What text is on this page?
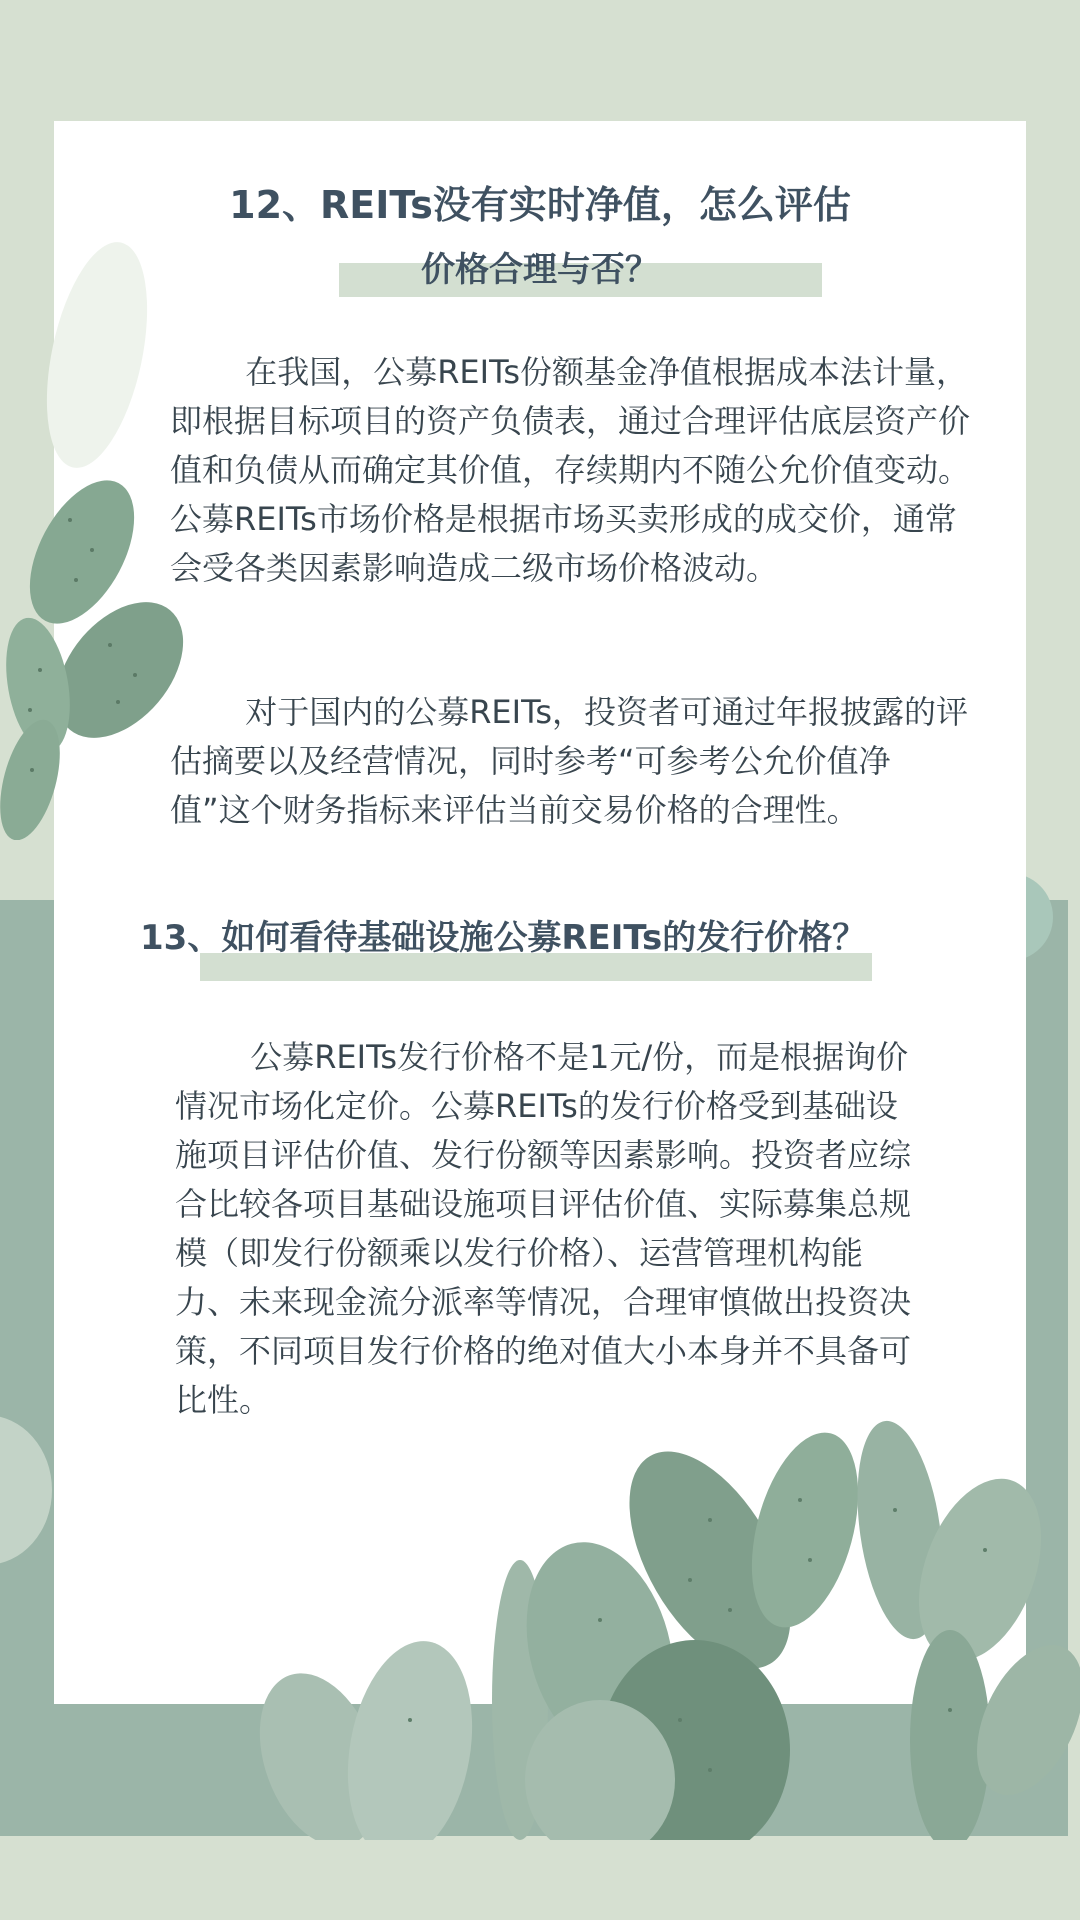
12、REITs没有实时净值，怎么评估
价格合理与否？

在我国，公募REITs份额基金净值根据成本法计量，即根据目标项目的资产负债表，通过合理评估底层资产价值和负债从而确定其价值，存续期内不随公允价值变动。公募REITs市场价格是根据市场买卖形成的成交价，通常会受各类因素影响造成二级市场价格波动。

对于国内的公募REITs，投资者可通过年报披露的评估摘要以及经营情况，同时参考“可参考公允价值净值”这个财务指标来评估当前交易价格的合理性。

13、如何看待基础设施公募REITs的发行价格？

公募REITs发行价格不是1元/份，而是根据询价情况市场化定价。公募REITs的发行价格受到基础设施项目评估价值、发行份额等因素影响。投资者应综合比较各项目基础设施项目评估价值、实际募集总规模（即发行份额乘以发行价格）、运营管理机构能力、未来现金流分派率等情况，合理审慎做出投资决策，不同项目发行价格的绝对值大小本身并不具备可比性。
